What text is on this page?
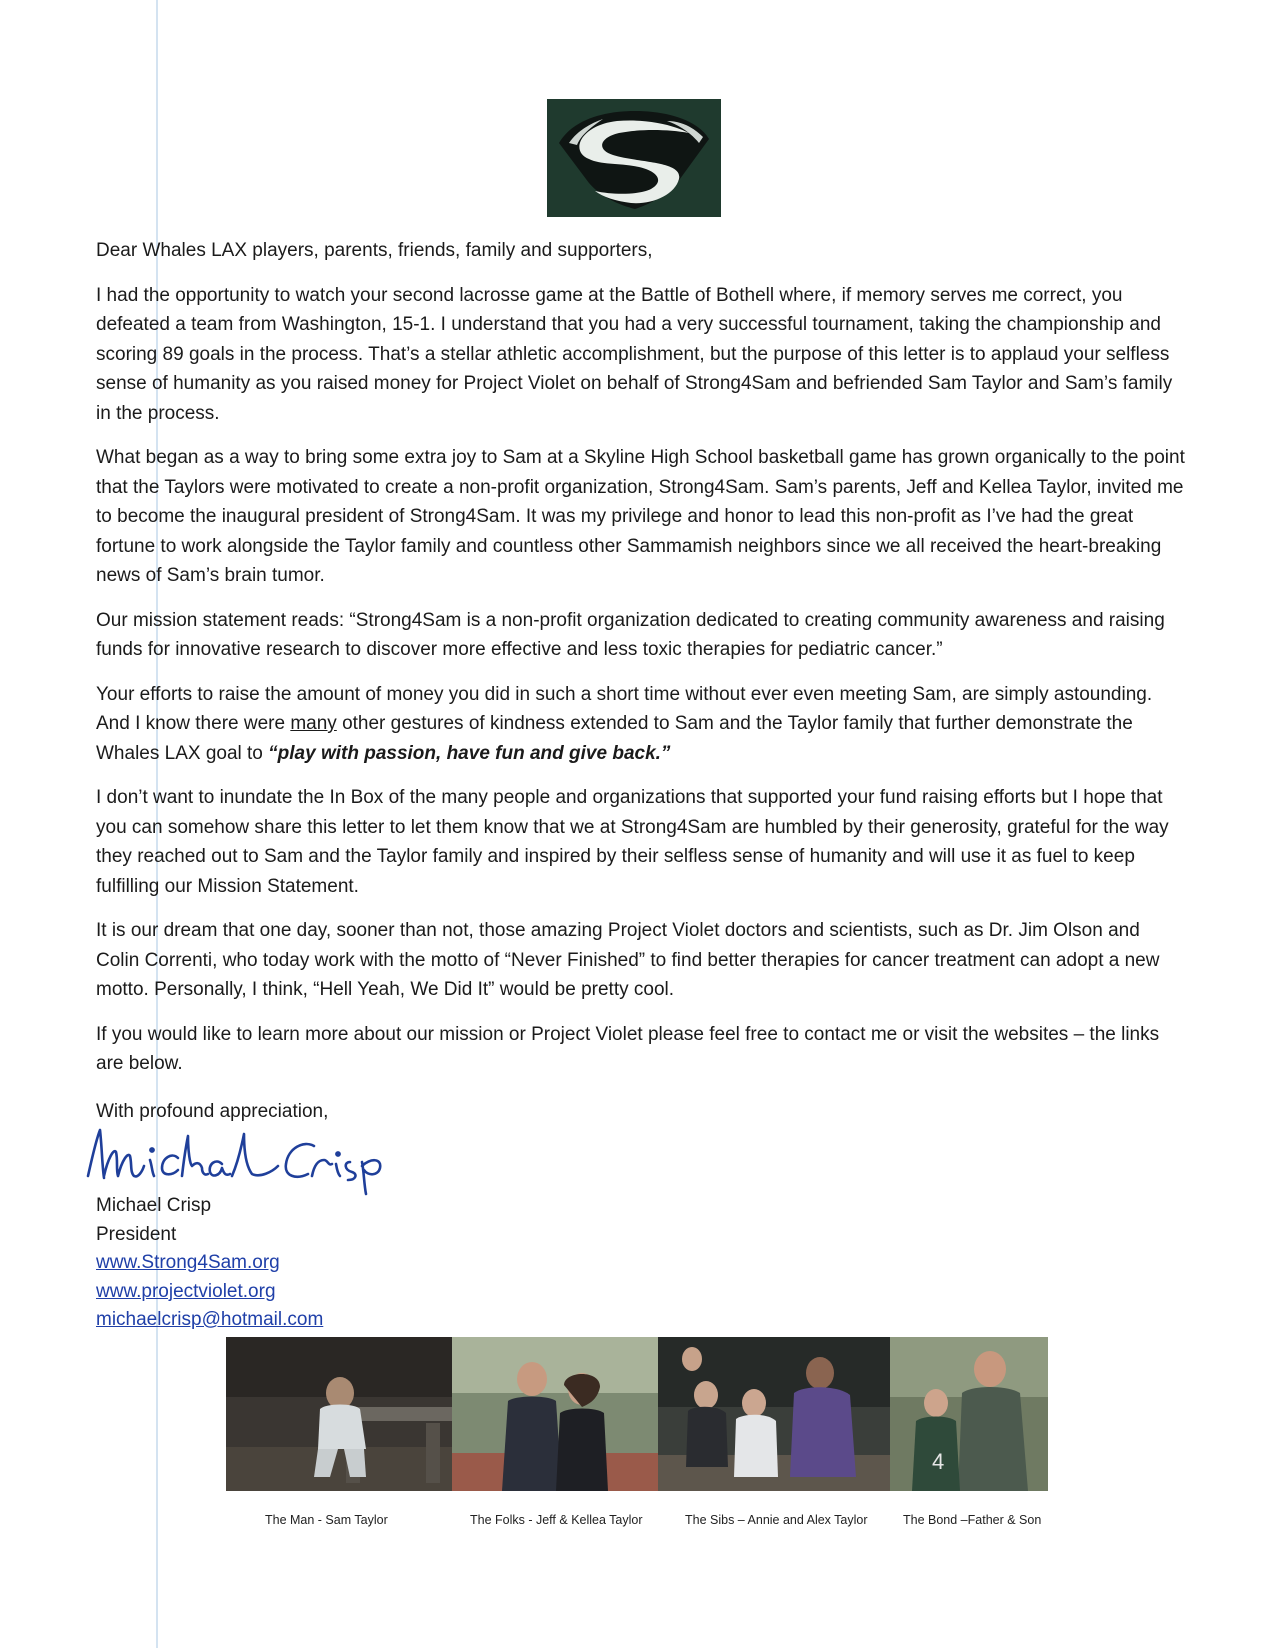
Dear Whales LAX players, parents, friends, family and supporters,

I had the opportunity to watch your second lacrosse game at the Battle of Bothell where, if memory serves me correct, you defeated a team from Washington, 15-1. I understand that you had a very successful tournament, taking the championship and scoring 89 goals in the process. That’s a stellar athletic accomplishment, but the purpose of this letter is to applaud your selfless sense of humanity as you raised money for Project Violet on behalf of Strong4Sam and befriended Sam Taylor and Sam’s family in the process.

What began as a way to bring some extra joy to Sam at a Skyline High School basketball game has grown organically to the point that the Taylors were motivated to create a non-profit organization, Strong4Sam. Sam’s parents, Jeff and Kellea Taylor, invited me to become the inaugural president of Strong4Sam. It was my privilege and honor to lead this non-profit as I’ve had the great fortune to work alongside the Taylor family and countless other Sammamish neighbors since we all received the heart-breaking news of Sam’s brain tumor.

Our mission statement reads: “Strong4Sam is a non-profit organization dedicated to creating community awareness and raising funds for innovative research to discover more effective and less toxic therapies for pediatric cancer.”

Your efforts to raise the amount of money you did in such a short time without ever even meeting Sam, are simply astounding. And I know there were many other gestures of kindness extended to Sam and the Taylor family that further demonstrate the Whales LAX goal to “play with passion, have fun and give back.”

I don’t want to inundate the In Box of the many people and organizations that supported your fund raising efforts but I hope that you can somehow share this letter to let them know that we at Strong4Sam are humbled by their generosity, grateful for the way they reached out to Sam and the Taylor family and inspired by their selfless sense of humanity and will use it as fuel to keep fulfilling our Mission Statement.

It is our dream that one day, sooner than not, those amazing Project Violet doctors and scientists, such as Dr. Jim Olson and Colin Correnti, who today work with the motto of “Never Finished” to find better therapies for cancer treatment can adopt a new motto. Personally, I think, “Hell Yeah, We Did It” would be pretty cool.

If you would like to learn more about our mission or Project Violet please feel free to contact me or visit the websites – the links are below.

With profound appreciation,

Michael Crisp
President
www.Strong4Sam.org
www.projectviolet.org
michaelcrisp@hotmail.com
4
The Man - Sam Taylor	The Folks - Jeff & Kellea Taylor	The Sibs – Annie and Alex Taylor	The Bond –Father & Son
